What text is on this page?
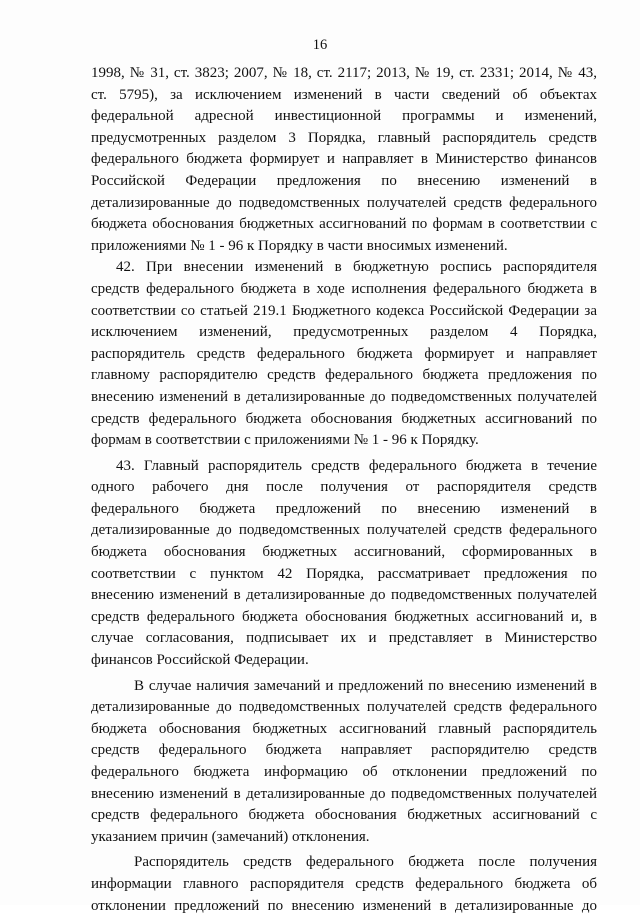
16
1998, № 31, ст. 3823; 2007, № 18, ст. 2117; 2013, № 19, ст. 2331; 2014, № 43,
ст. 5795), за исключением изменений в части сведений об объектах
федеральной адресной инвестиционной программы и изменений,
предусмотренных разделом 3 Порядка, главный распорядитель средств
федерального бюджета формирует и направляет в Министерство финансов
Российской Федерации предложения по внесению изменений в
детализированные до подведомственных получателей средств федерального
бюджета обоснования бюджетных ассигнований по формам в соответствии с
приложениями № 1 - 96 к Порядку в части вносимых изменений.
42. При внесении изменений в бюджетную роспись распорядителя
средств федерального бюджета в ходе исполнения федерального бюджета в
соответствии со статьей 219.1 Бюджетного кодекса Российской Федерации за
исключением изменений, предусмотренных разделом 4 Порядка,
распорядитель средств федерального бюджета формирует и направляет
главному распорядителю средств федерального бюджета предложения по
внесению изменений в детализированные до подведомственных получателей
средств федерального бюджета обоснования бюджетных ассигнований по
формам в соответствии с приложениями № 1 - 96 к Порядку.
43. Главный распорядитель средств федерального бюджета в течение
одного рабочего дня после получения от распорядителя средств
федерального бюджета предложений по внесению изменений в
детализированные до подведомственных получателей средств федерального
бюджета обоснования бюджетных ассигнований, сформированных в
соответствии с пунктом 42 Порядка, рассматривает предложения по
внесению изменений в детализированные до подведомственных получателей
средств федерального бюджета обоснования бюджетных ассигнований и, в
случае согласования, подписывает их и представляет в Министерство
финансов Российской Федерации.
В случае наличия замечаний и предложений по внесению изменений в
детализированные до подведомственных получателей средств федерального
бюджета обоснования бюджетных ассигнований главный распорядитель
средств федерального бюджета направляет распорядителю средств
федерального бюджета информацию об отклонении предложений по
внесению изменений в детализированные до подведомственных получателей
средств федерального бюджета обоснования бюджетных ассигнований с
указанием причин (замечаний) отклонения.
Распорядитель средств федерального бюджета после получения
информации главного распорядителя средств федерального бюджета об
отклонении предложений по внесению изменений в детализированные до
